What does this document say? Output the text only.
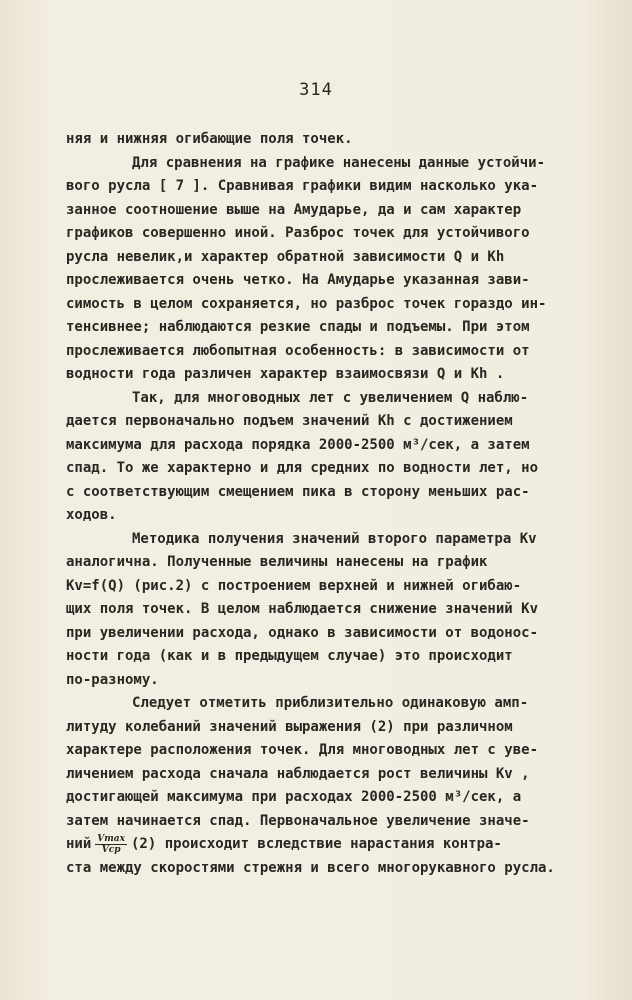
314
няя и нижняя огибающие поля точек.
Для сравнения на графике нанесены данные устойчи-
вого русла [ 7 ]. Сравнивая графики видим насколько ука-
занное соотношение выше на Амударье, да и сам характер
графиков совершенно иной. Разброс точек для устойчивого
русла невелик,и характер обратной зависимости Q и Kh
прослеживается очень четко. На Амударье указанная зави-
симость в целом сохраняется, но разброс точек гораздо ин-
тенсивнее; наблюдаются резкие спады и подъемы. При этом
прослеживается любопытная особенность: в зависимости от
водности года различен характер взаимосвязи Q и Kh .
Так, для многоводных лет с увеличением Q наблю-
дается первоначально подъем значений Kh с достижением
максимума для расхода порядка 2000-2500 м³/сек, а затем
спад. То же характерно и для средних по водности лет, но
с соответствующим смещением пика в сторону меньших рас-
ходов.
Методика получения значений второго параметра Kv
аналогична. Полученные величины нанесены на график
Kv=f(Q) (рис.2) с построением верхней и нижней огибаю-
щих поля точек. В целом наблюдается снижение значений Kv
при увеличении расхода, однако в зависимости от водонос-
ности года (как и в предыдущем случае) это происходит
по-разному.
Следует отметить приблизительно одинаковую амп-
литуду колебаний значений выражения (2) при различном
характере расположения точек. Для многоводных лет с уве-
личением расхода сначала наблюдается рост величины Kv ,
достигающей максимума при расходах 2000-2500 м³/сек, а
затем начинается спад. Первоначальное увеличение значе-
ний $\frac{Vmax}{\text{Vср}} (2)$ происходит вследствие нарастания контра-
ста между скоростями стрежня и всего многорукавного русла.
